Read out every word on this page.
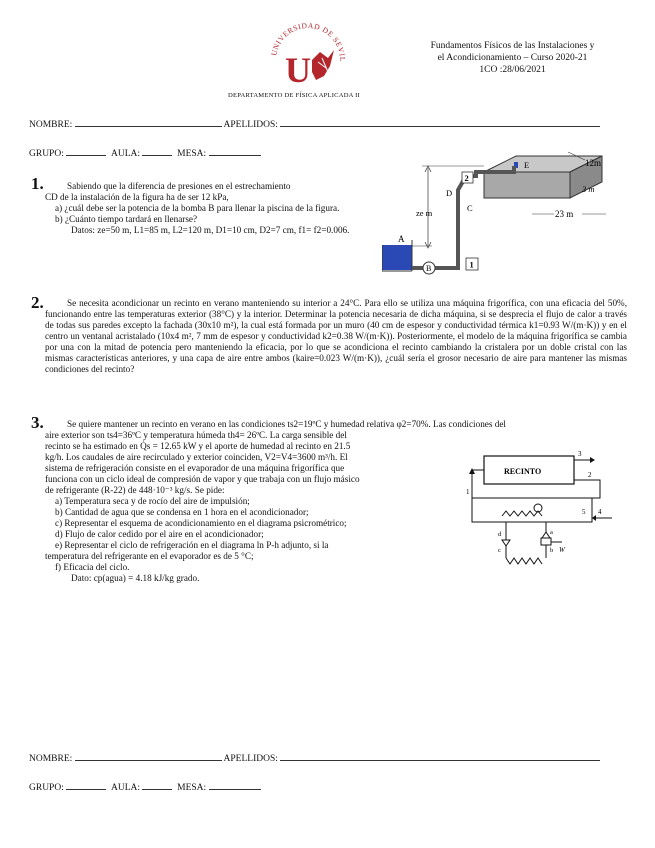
UNIVERSIDAD DE SEVIL
U
DEPARTAMENTO DE FÍSICA APLICADA II
Fundamentos Físicos de las Instalaciones y
el Acondicionamiento – Curso 2020-21
1CO :28/06/2021
NOMBRE:	APELLIDOS:
GRUPO:	AULA:	MESA:
1.	Sabiendo que la diferencia de presiones en el estrechamiento
CD de la instalación de la figura ha de ser 12 kPa,
a) ¿cuál debe ser la potencia de la bomba B para llenar la piscina de la figura.
b) ¿Cuánto tiempo tardará en llenarse?
Datos: ze=50 m, L1=85 m, L2=120 m, D1=10 cm, D2=7 cm, f1= f2=0.006.
B
ze m
A
C
D
E
2
1
12m
3 m
23 m
2.	Se necesita acondicionar un recinto en verano manteniendo su interior a 24°C. Para ello se utiliza una máquina frigorífica, con una eficacia del 50%, funcionando entre las temperaturas exterior (38°C) y la interior. Determinar la potencia necesaria de dicha máquina, si se desprecia el flujo de calor a través de todas sus paredes excepto la fachada (30x10 m²), la cual está formada por un muro (40 cm de espesor y conductividad térmica k1=0.93 W/(m·K)) y en el centro un ventanal acristalado (10x4 m², 7 mm de espesor y conductividad k2=0.38 W/(m·K)). Posteriormente, el modelo de la máquina frigorífica se cambia por una con la mitad de potencia pero manteniendo la eficacia, por lo que se acondiciona el recinto cambiando la cristalera por un doble cristal con las mismas características anteriores, y una capa de aire entre ambos (kaire=0.023 W/(m·K)), ¿cuál sería el grosor necesario de aire para mantener las mismas condiciones del recinto?
3.	Se quiere mantener un recinto en verano en las condiciones ts2=19ºC y humedad relativa φ2=70%. Las condiciones del
aire exterior son ts4=36ºC y temperatura húmeda th4= 26ºC. La carga sensible del
recinto se ha estimado en Q̇s = 12.65 kW y el aporte de humedad al recinto en 21.5
kg/h. Los caudales de aire recirculado y exterior coinciden, V2=V4=3600 m³/h. El
sistema de refrigeración consiste en el evaporador de una máquina frigorífica que
funciona con un ciclo ideal de compresión de vapor y que trabaja con un flujo másico
de refrigerante (R-22) de 448·10⁻³ kg/s. Se pide:
a) Temperatura seca y de rocío del aire de impulsión;
b) Cantidad de agua que se condensa en 1 hora en el acondicionador;
c) Representar el esquema de acondicionamiento en el diagrama psicrométrico;
d) Flujo de calor cedido por el aire en el acondicionador;
e) Representar el ciclo de refrigeración en el diagrama ln P-h adjunto, si la
temperatura del refrigerante en el evaporador es de 5 °C;
f) Eficacia del ciclo.
Dato: cp(agua) = 4.18 kJ/kg grado.
RECINTO
3
2
1
4
5
d
c
a
b W
NOMBRE:	APELLIDOS:
GRUPO:	AULA:	MESA:
